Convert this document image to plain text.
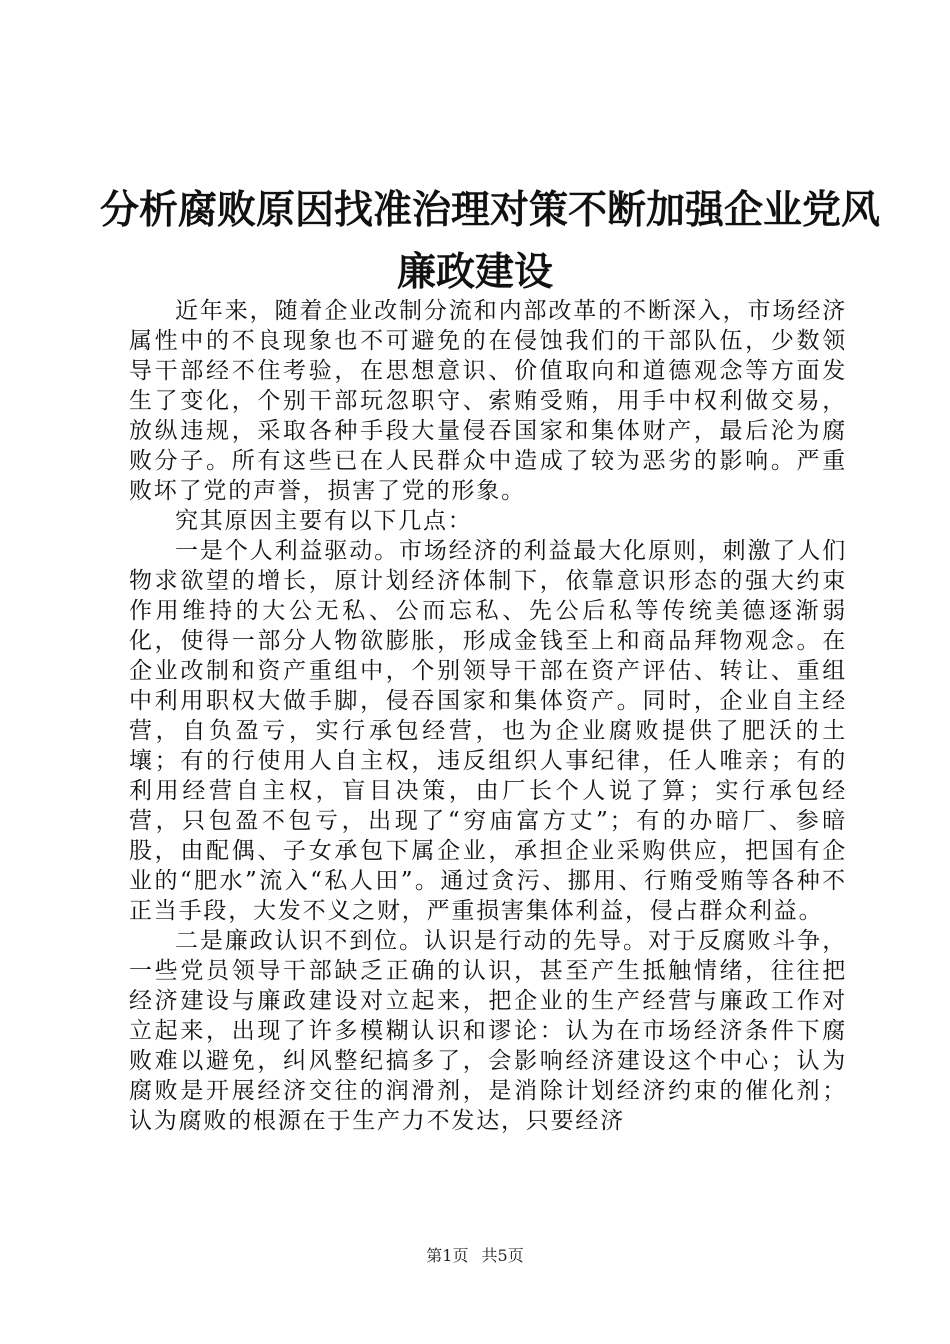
分析腐败原因找准治理对策不断加强企业党风
廉政建设

近年来，随着企业改制分流和内部改革的不断深入，市场经济属性中的不良现象也不可避免的在侵蚀我们的干部队伍，少数领导干部经不住考验，在思想意识、价值取向和道德观念等方面发生了变化，个别干部玩忽职守、索贿受贿，用手中权利做交易，放纵违规，采取各种手段大量侵吞国家和集体财产，最后沦为腐败分子。所有这些已在人民群众中造成了较为恶劣的影响。严重败坏了党的声誉，损害了党的形象。

究其原因主要有以下几点：

一是个人利益驱动。市场经济的利益最大化原则，刺激了人们物求欲望的增长，原计划经济体制下，依靠意识形态的强大约束作用维持的大公无私、公而忘私、先公后私等传统美德逐渐弱化，使得一部分人物欲膨胀，形成金钱至上和商品拜物观念。在企业改制和资产重组中，个别领导干部在资产评估、转让、重组中利用职权大做手脚，侵吞国家和集体资产。同时，企业自主经营，自负盈亏，实行承包经营，也为企业腐败提供了肥沃的土壤；有的行使用人自主权，违反组织人事纪律，任人唯亲；有的利用经营自主权，盲目决策，由厂长个人说了算；实行承包经营，只包盈不包亏，出现了“穷庙富方丈”；有的办暗厂、参暗股，由配偶、子女承包下属企业，承担企业采购供应，把国有企业的“肥水”流入“私人田”。通过贪污、挪用、行贿受贿等各种不正当手段，大发不义之财，严重损害集体利益，侵占群众利益。

二是廉政认识不到位。认识是行动的先导。对于反腐败斗争，一些党员领导干部缺乏正确的认识，甚至产生抵触情绪，往往把经济建设与廉政建设对立起来，把企业的生产经营与廉政工作对立起来，出现了许多模糊认识和谬论：认为在市场经济条件下腐败难以避免，纠风整纪搞多了，会影响经济建设这个中心；认为腐败是开展经济交往的润滑剂，是消除计划经济约束的催化剂；认为腐败的根源在于生产力不发达，只要经济

第1页 共5页
